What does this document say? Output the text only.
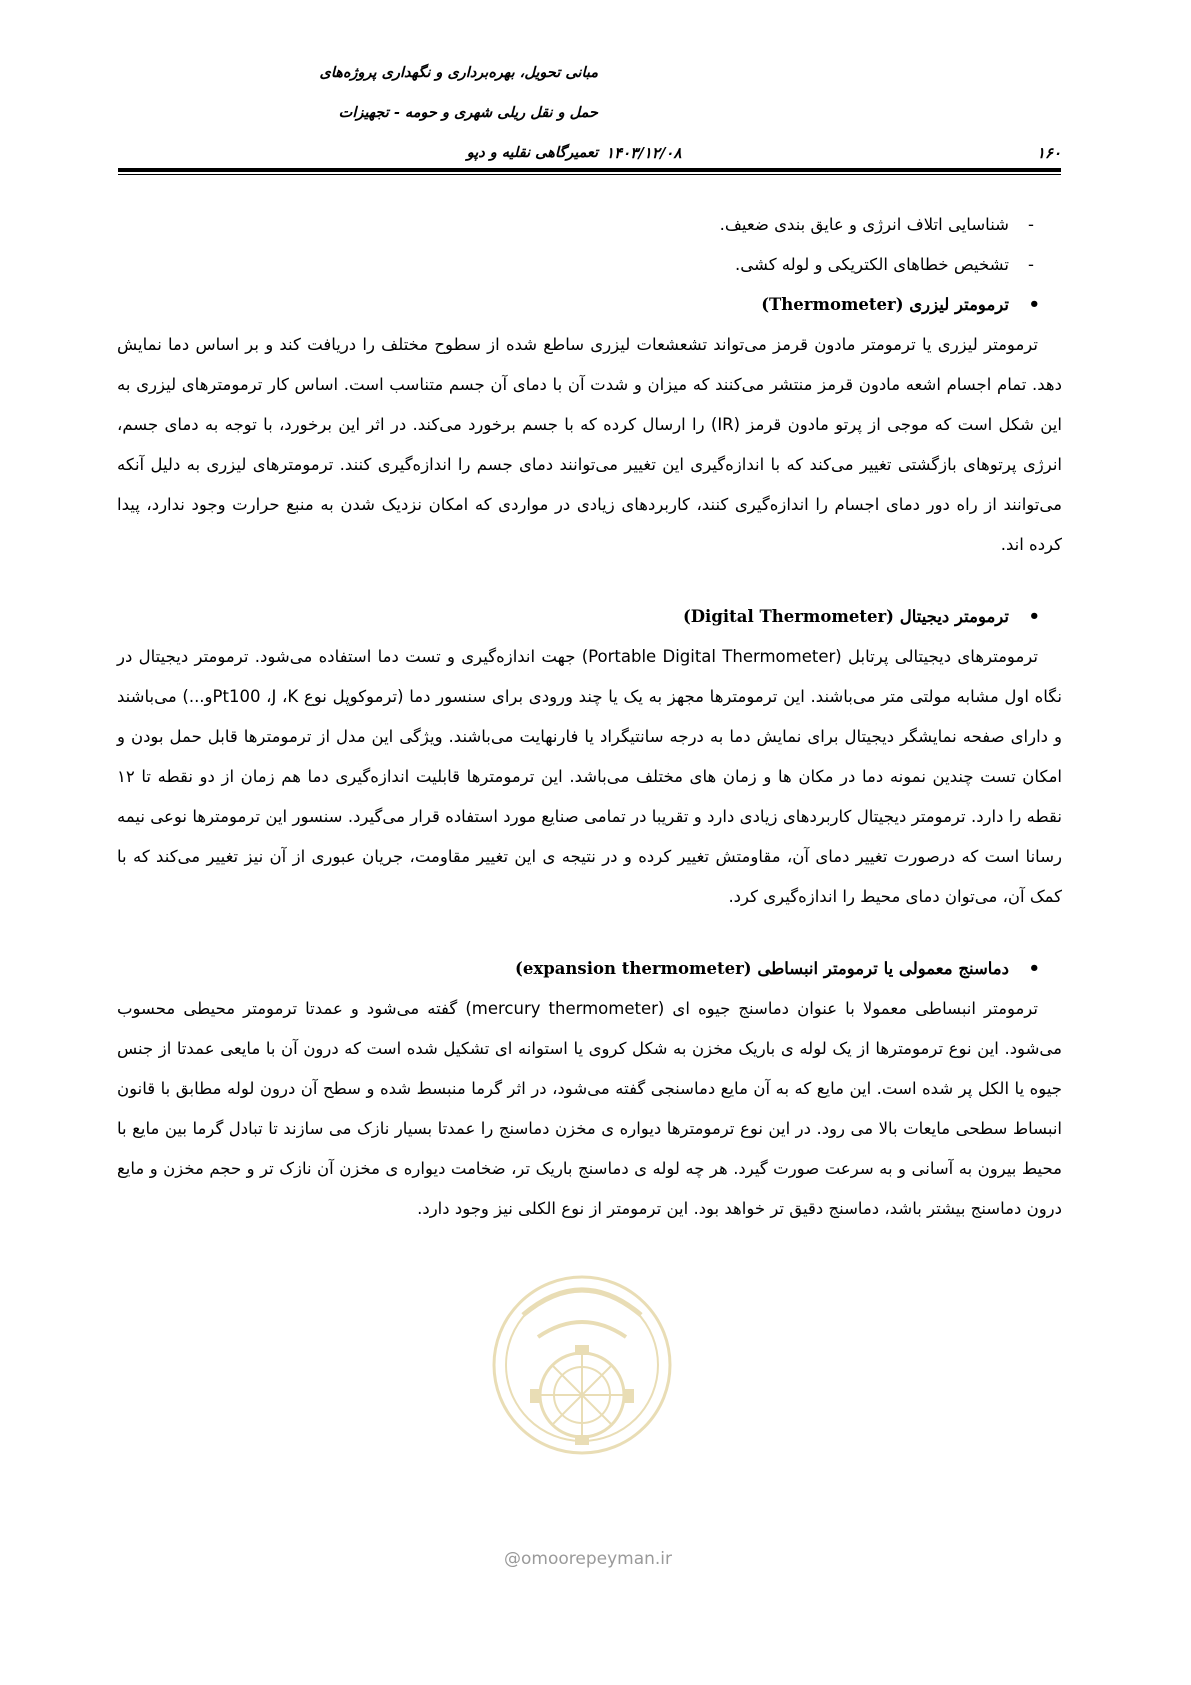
مبانی تحویل، بهره‌برداری و نگهداری پروژه‌های
حمل و نقل ریلی شهری و حومه - تجهیزات
تعمیرگاهی نقلیه و دپو ۱۴۰۳/۱۲/۰۸	۱۶۰

-
شناسایی اتلاف انرژی و عایق بندی ضعیف.

-
تشخیص خطاهای الکتریکی و لوله کشی.

•
ترمومتر لیزری (Thermometer)

ترمومتر لیزری یا ترمومتر مادون قرمز می‌تواند تشعشعات لیزری ساطع شده از سطوح مختلف را دریافت کند و بر اساس دما نمایش دهد. تمام اجسام اشعه مادون قرمز منتشر می‌کنند که میزان و شدت آن با دمای آن جسم متناسب است. اساس کار ترمومترهای لیزری به این شکل است که موجی از پرتو مادون قرمز (IR) را ارسال کرده که با جسم برخورد می‌کند. در اثر این برخورد، با توجه به دمای جسم، انرژی پرتوهای بازگشتی تغییر می‌کند که با اندازه‌گیری این تغییر می‌توانند دمای جسم را اندازه‌گیری کنند. ترمومترهای لیزری به دلیل آنکه می‌توانند از راه دور دمای اجسام را اندازه‌گیری کنند، کاربردهای زیادی در مواردی که امکان نزدیک شدن به منبع حرارت وجود ندارد، پیدا کرده اند.

•
ترمومتر دیجیتال (Digital Thermometer)

ترمومترهای دیجیتالی پرتابل (Portable Digital Thermometer) جهت اندازه‌گیری و تست دما استفاده می‌شود. ترمومتر دیجیتال در نگاه اول مشابه مولتی متر می‌باشند. این ترمومترها مجهز به یک یا چند ورودی برای سنسور دما (ترموکوپل نوع Pt100 ،J ،Kو...) می‌باشند و دارای صفحه نمایشگر دیجیتال برای نمایش دما به درجه سانتیگراد یا فارنهایت می‌باشند. ویژگی این مدل از ترمومترها قابل حمل بودن و امکان تست چندین نمونه دما در مکان ها و زمان های مختلف می‌باشد. این ترمومترها قابلیت اندازه‌گیری دما هم زمان از دو نقطه تا ۱۲ نقطه را دارد. ترمومتر دیجیتال کاربردهای زیادی دارد و تقریبا در تمامی صنایع مورد استفاده قرار می‌گیرد. سنسور این ترمومترها نوعی نیمه رسانا است که درصورت تغییر دمای آن، مقاومتش تغییر کرده و در نتیجه ی این تغییر مقاومت، جریان عبوری از آن نیز تغییر می‌کند که با کمک آن، می‌توان دمای محیط را اندازه‌گیری کرد.

•
دماسنج معمولی یا ترمومتر انبساطی (expansion thermometer)

ترمومتر انبساطی معمولا با عنوان دماسنج جیوه ای (mercury thermometer) گفته می‌شود و عمدتا ترمومتر محیطی محسوب می‌شود. این نوع ترمومترها از یک لوله ی باریک مخزن به شکل کروی یا استوانه ای تشکیل شده است که درون آن با مایعی عمدتا از جنس جیوه یا الکل پر شده است. این مایع که به آن مایع دماسنجی گفته می‌شود، در اثر گرما منبسط شده و سطح آن درون لوله مطابق با قانون انبساط سطحی مایعات بالا می رود. در این نوع ترمومترها دیواره ی مخزن دماسنج را عمدتا بسیار نازک می سازند تا تبادل گرما بین مایع با محیط بیرون به آسانی و به سرعت صورت گیرد. هر چه لوله ی دماسنج باریک تر، ضخامت دیواره ی مخزن آن نازک تر و حجم مخزن و مایع درون دماسنج بیشتر باشد، دماسنج دقیق تر خواهد بود. این ترمومتر از نوع الکلی نیز وجود دارد.

@omoorepeyman.ir
